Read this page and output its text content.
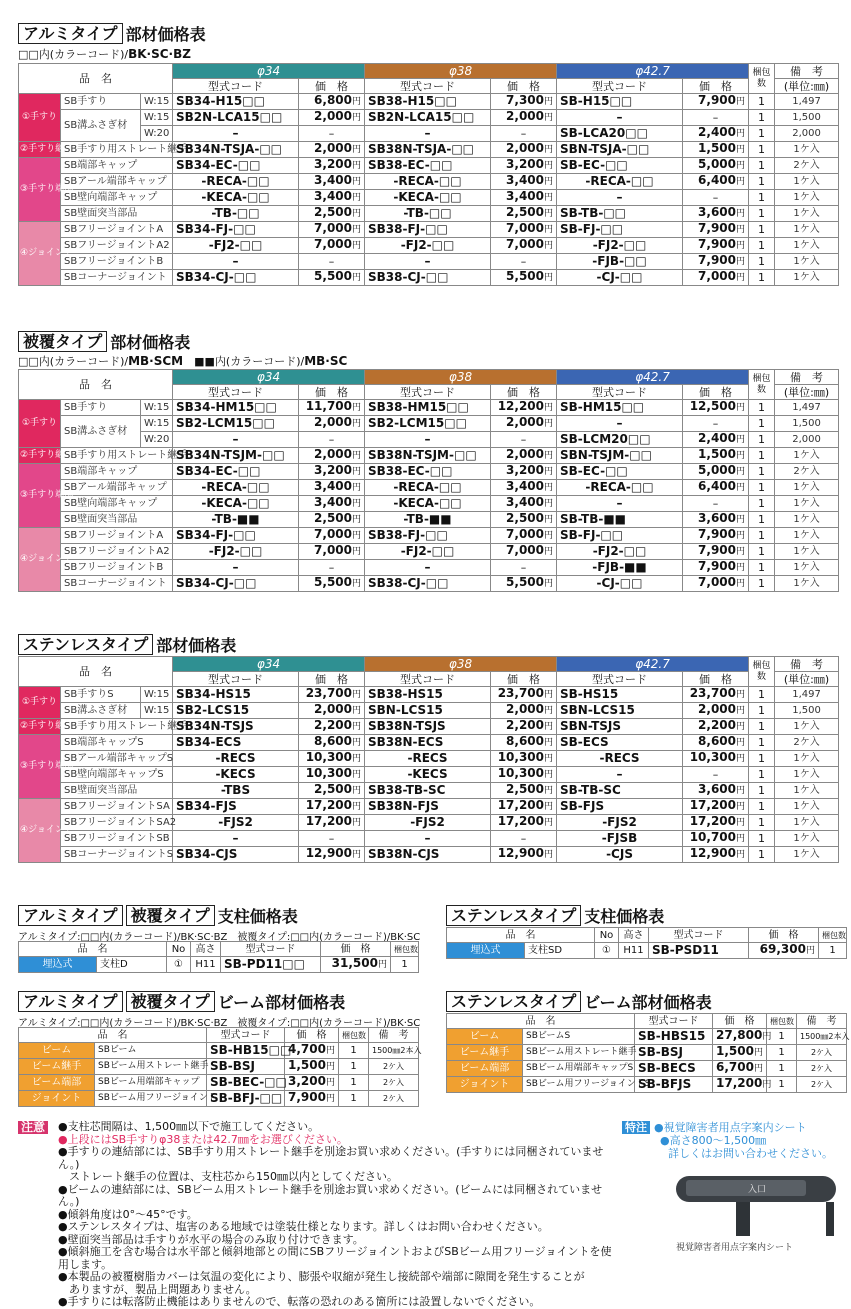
アルミタイプ 部材価格表
□□内(カラーコード)/BK·SC·BZ
品　名			φ34		φ38		φ42.7		梱包数	備　考
			型式コード	価　格	型式コード	価　格	型式コード	価　格		(単位:㎜)
①手すり	SB手すり	W:15	SB34-H15□□	6,800円	SB38-H15□□	7,300円	SB-H15□□	7,900円	1	1,497
	SB溝ふさぎ材	W:15	SB2N-LCA15□□	2,000円	SB2N-LCA15□□	2,000円	–	–	1	1,500
		W:20	–	–	–	–	SB-LCA20□□	2,400円	1	2,000
②手すり継手	SB手すり用ストレート継手		SB34N-TSJA-□□	2,000円	SB38N-TSJA-□□	2,000円	SBN-TSJA-□□	1,500円	1	1ケ入
③手すり端部	SB端部キャップ		SB34-EC-□□	3,200円	SB38-EC-□□	3,200円	SB-EC-□□	5,000円	1	2ケ入
	SBアール端部キャップ		-RECA-□□	3,400円	-RECA-□□	3,400円	-RECA-□□	6,400円	1	1ケ入
	SB壁向端部キャップ		-KECA-□□	3,400円	-KECA-□□	3,400円	–	–	1	1ケ入
	SB壁面突当部品		-TB-□□	2,500円	-TB-□□	2,500円	SB-TB-□□	3,600円	1	1ケ入
④ジョイント	SBフリージョイントA		SB34-FJ-□□	7,000円	SB38-FJ-□□	7,000円	SB-FJ-□□	7,900円	1	1ケ入
	SBフリージョイントA2		-FJ2-□□	7,000円	-FJ2-□□	7,000円	-FJ2-□□	7,900円	1	1ケ入
	SBフリージョイントB		–	–	–	–	-FJB-□□	7,900円	1	1ケ入
	SBコーナージョイント		SB34-CJ-□□	5,500円	SB38-CJ-□□	5,500円	-CJ-□□	7,000円	1	1ケ入
被覆タイプ 部材価格表
□□内(カラーコード)/MB·SCM　 ■■内(カラーコード)/MB·SC
品　名			φ34		φ38		φ42.7		梱包数	備　考
			型式コード	価　格	型式コード	価　格	型式コード	価　格		(単位:㎜)
①手すり	SB手すり	W:15	SB34-HM15□□	11,700円	SB38-HM15□□	12,200円	SB-HM15□□	12,500円	1	1,497
	SB溝ふさぎ材	W:15	SB2-LCM15□□	2,000円	SB2-LCM15□□	2,000円	–	–	1	1,500
		W:20	–	–	–	–	SB-LCM20□□	2,400円	1	2,000
②手すり継手	SB手すり用ストレート継手		SB34N-TSJM-□□	2,000円	SB38N-TSJM-□□	2,000円	SBN-TSJM-□□	1,500円	1	1ケ入
③手すり端部	SB端部キャップ		SB34-EC-□□	3,200円	SB38-EC-□□	3,200円	SB-EC-□□	5,000円	1	2ケ入
	SBアール端部キャップ		-RECA-□□	3,400円	-RECA-□□	3,400円	-RECA-□□	6,400円	1	1ケ入
	SB壁向端部キャップ		-KECA-□□	3,400円	-KECA-□□	3,400円	–	–	1	1ケ入
	SB壁面突当部品		-TB-■■	2,500円	-TB-■■	2,500円	SB-TB-■■	3,600円	1	1ケ入
④ジョイント	SBフリージョイントA		SB34-FJ-□□	7,000円	SB38-FJ-□□	7,000円	SB-FJ-□□	7,900円	1	1ケ入
	SBフリージョイントA2		-FJ2-□□	7,000円	-FJ2-□□	7,000円	-FJ2-□□	7,900円	1	1ケ入
	SBフリージョイントB		–	–	–	–	-FJB-■■	7,900円	1	1ケ入
	SBコーナージョイント		SB34-CJ-□□	5,500円	SB38-CJ-□□	5,500円	-CJ-□□	7,000円	1	1ケ入
ステンレスタイプ 部材価格表
品　名			φ34		φ38		φ42.7		梱包数	備　考
			型式コード	価　格	型式コード	価　格	型式コード	価　格		(単位:㎜)
①手すり	SB手すりS	W:15	SB34-HS15	23,700円	SB38-HS15	23,700円	SB-HS15	23,700円	1	1,497
	SB溝ふさぎ材	W:15	SB2-LCS15	2,000円	SBN-LCS15	2,000円	SBN-LCS15	2,000円	1	1,500
②手すり継手	SB手すり用ストレート継手		SB34N-TSJS	2,200円	SB38N-TSJS	2,200円	SBN-TSJS	2,200円	1	1ケ入
③手すり端部	SB端部キャップS		SB34-ECS	8,600円	SB38N-ECS	8,600円	SB-ECS	8,600円	1	2ケ入
	SBアール端部キャップS		-RECS	10,300円	-RECS	10,300円	-RECS	10,300円	1	1ケ入
	SB壁向端部キャップS		-KECS	10,300円	-KECS	10,300円	–	–	1	1ケ入
	SB壁面突当部品		-TBS	2,500円	SB38-TB-SC	2,500円	SB-TB-SC	3,600円	1	1ケ入
④ジョイント	SBフリージョイントSA		SB34-FJS	17,200円	SB38N-FJS	17,200円	SB-FJS	17,200円	1	1ケ入
	SBフリージョイントSA2		-FJS2	17,200円	-FJS2	17,200円	-FJS2	17,200円	1	1ケ入
	SBフリージョイントSB		–	–	–	–	-FJSB	10,700円	1	1ケ入
	SBコーナージョイントS		SB34-CJS	12,900円	SB38N-CJS	12,900円	-CJS	12,900円	1	1ケ入
アルミタイプ 被覆タイプ 支柱価格表
アルミタイプ:□□内(カラーコード)/BK·SC·BZ　被覆タイプ:□□内(カラーコード)/BK·SC
品　名		No	高さ	型式コード	価　格	梱包数
埋込式	支柱D	①	H11	SB-PD11□□	31,500円	1
ステンレスタイプ 支柱価格表
品　名		No	高さ	型式コード	価　格	梱包数
埋込式	支柱SD	①	H11	SB-PSD11	69,300円	1
アルミタイプ 被覆タイプ ビーム部材価格表
アルミタイプ:□□内(カラーコード)/BK·SC·BZ　被覆タイプ:□□内(カラーコード)/BK·SC
品　名		型式コード	価　格	梱包数	備　考
ビーム	SBビーム	SB-HB15□□	4,700円	1	1500㎜2本入
ビーム継手	SBビーム用ストレート継手	SB-BSJ	1,500円	1	2ケ入
ビーム端部	SBビーム用端部キャップ	SB-BEC-□□	3,200円	1	2ケ入
ジョイント	SBビーム用フリージョイント	SB-BFJ-□□	7,900円	1	2ケ入
ステンレスタイプ ビーム部材価格表
品　名		型式コード	価　格	梱包数	備　考
ビーム	SBビームS	SB-HBS15	27,800円	1	1500㎜2本入
ビーム継手	SBビーム用ストレート継手	SB-BSJ	1,500円	1	2ケ入
ビーム端部	SBビーム用端部キャップS	SB-BECS	6,700円	1	2ケ入
ジョイント	SBビーム用フリージョイントS	SB-BFJS	17,200円	1	2ケ入
注意 ●支柱芯間隔は、1,500㎜以下で施工してください。
●上段にはSB手すりφ38または42.7㎜をお選びください。
●手すりの連結部には、SB手すり用ストレート継手を別途お買い求めください。(手すりには同梱されていません。)
　ストレート継手の位置は、支柱芯から150㎜以内としてください。
●ビームの連結部には、SBビーム用ストレート継手を別途お買い求めください。(ビームには同梱されていません。)
●傾斜角度は0°〜45°です。
●ステンレスタイプは、塩害のある地域では塗装仕様となります。詳しくはお問い合わせください。
●壁面突当部品は手すりが水平の場合のみ取り付けできます。
●傾斜施工を含む場合は水平部と傾斜地部との間にSBフリージョイントおよびSBビーム用フリージョイントを使用します。
●本製品の被覆樹脂カバーは気温の変化により、膨張や収縮が発生し接続部や端部に隙間を発生することが
　ありますが、製品上問題ありません。
●手すりには転落防止機能はありませんので、転落の恐れのある箇所には設置しないでください。
特注 ●視覚障害者用点字案内シート
●高さ800〜1,500㎜
詳しくはお問い合わせください。
入口
視覚障害者用点字案内シート
